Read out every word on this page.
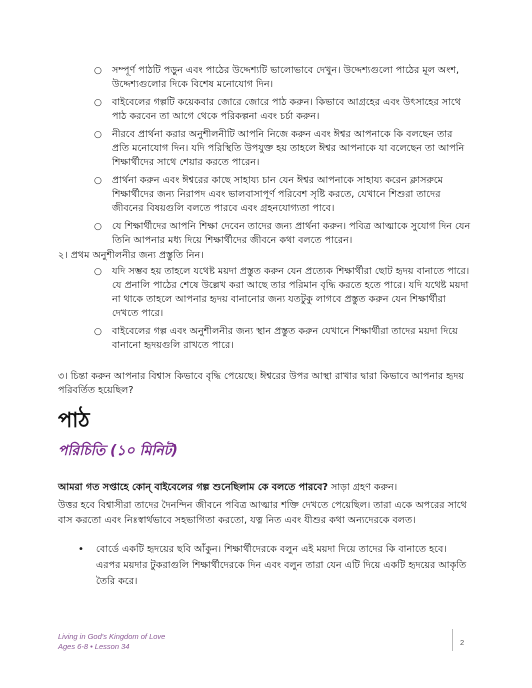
○ সম্পূর্ণ পাঠটি পড়ুন এবং পাঠের উদ্দেশ্যটি ভালোভাবে দেখুন। উদ্দেশ্যগুলো পাঠের মূল অংশ, উদ্দেশ্যগুলোর দিকে বিশেষ মনোযোগ দিন।
○ বাইবেলের গল্পটি কয়েকবার জোরে জোরে পাঠ করুন। কিভাবে আগ্রহের এবং উৎসাহের সাথে পাঠ করবেন তা আগে থেকে পরিকল্পনা এবং চর্চা করুন।
○ নীরবে প্রার্থনা করার অনুশীলনীটি আপনি নিজে করুন এবং ঈশ্বর আপনাকে কি বলছেন তার প্রতি মনোযোগ দিন। যদি পরিস্থিতি উপযুক্ত হয় তাহলে ঈশ্বর আপনাকে যা বলেছেন তা আপনি শিক্ষার্থীদের সাথে শেয়ার করতে পারেন।
○ প্রার্থনা করুন এবং ঈশ্বরের কাছে সাহায্য চান যেন ঈশ্বর আপনাকে সাহায্য করেন ক্লাসরুমে শিক্ষার্থীদের জন্য নিরাপদ এবং ভালবাসাপূর্ণ পরিবেশ সৃষ্টি করতে, যেখানে শিশুরা তাদের জীবনের বিষয়গুলি বলতে পারবে এবং গ্রহনযোগ্যতা পাবে।
○ যে শিক্ষার্থীদের আপনি শিক্ষা দেবেন তাদের জন্য প্রার্থনা করুন। পবিত্র আত্মাকে সুযোগ দিন যেন তিনি আপনার মধ্য দিয়ে শিক্ষার্থীদের জীবনে কথা বলতে পারেন।
২। প্রথম অনুশীলনীর জন্য প্রস্তুতি নিন।
○ যদি সম্ভব হয় তাহলে যথেষ্ট ময়দা প্রস্তুত করুন যেন প্রত্যেক শিক্ষার্থীরা ছোট হৃদয় বানাতে পারে। যে প্রনালি পাঠের শেষে উল্লেখ করা আছে তার পরিমান বৃদ্ধি করতে হতে পারে। যদি যথেষ্ট ময়দা না থাকে তাহলে আপনার হৃদয় বানানোর জন্য যতটুকু লাগবে প্রস্তুত করুন যেন শিক্ষার্থীরা দেখতে পারে।
○ বাইবেলের গল্প এবং অনুশীলনীর জন্য স্থান প্রস্তুত করুন যেখানে শিক্ষার্থীরা তাদের ময়দা দিয়ে বানানো হৃদয়গুলি রাখতে পারে।
৩। চিন্তা করুন আপনার বিশ্বাস কিভাবে বৃদ্ধি পেয়েছে। ঈশ্বরের উপর আস্থা রাখার দ্বারা কিভাবে আপনার হৃদয় পরিবর্তিত হয়েছিল?
পাঠ
পরিচিতি (১০ মিনিট)
আমরা গত সপ্তাহে কোন্ বাইবেলের গল্প শুনেছিলাম কে বলতে পারবে? সাড়া গ্রহণ করুন।
উত্তর হবে বিশ্বাসীরা তাদের দৈনন্দিন জীবনে পবিত্র আত্মার শক্তি দেখতে পেয়েছিল। তারা একে অপরের সাথে বাস করতো এবং নিঃস্বার্থভাবে সহভাগিতা করতো, যত্ন নিত এবং যীশুর কথা অন্যদেরকে বলত।
• বোর্ডে একটি হৃদয়ের ছবি আঁকুন। শিক্ষার্থীদেরকে বলুন এই ময়দা দিয়ে তাদের কি বানাতে হবে। এরপর ময়দার টুকরাগুলি শিক্ষার্থীদেরকে দিন এবং বলুন তারা যেন এটি দিয়ে একটি হৃদয়ের আকৃতি তৈরি করে।
Living in God's Kingdom of Love
Ages 6-8 • Lesson 34	2
